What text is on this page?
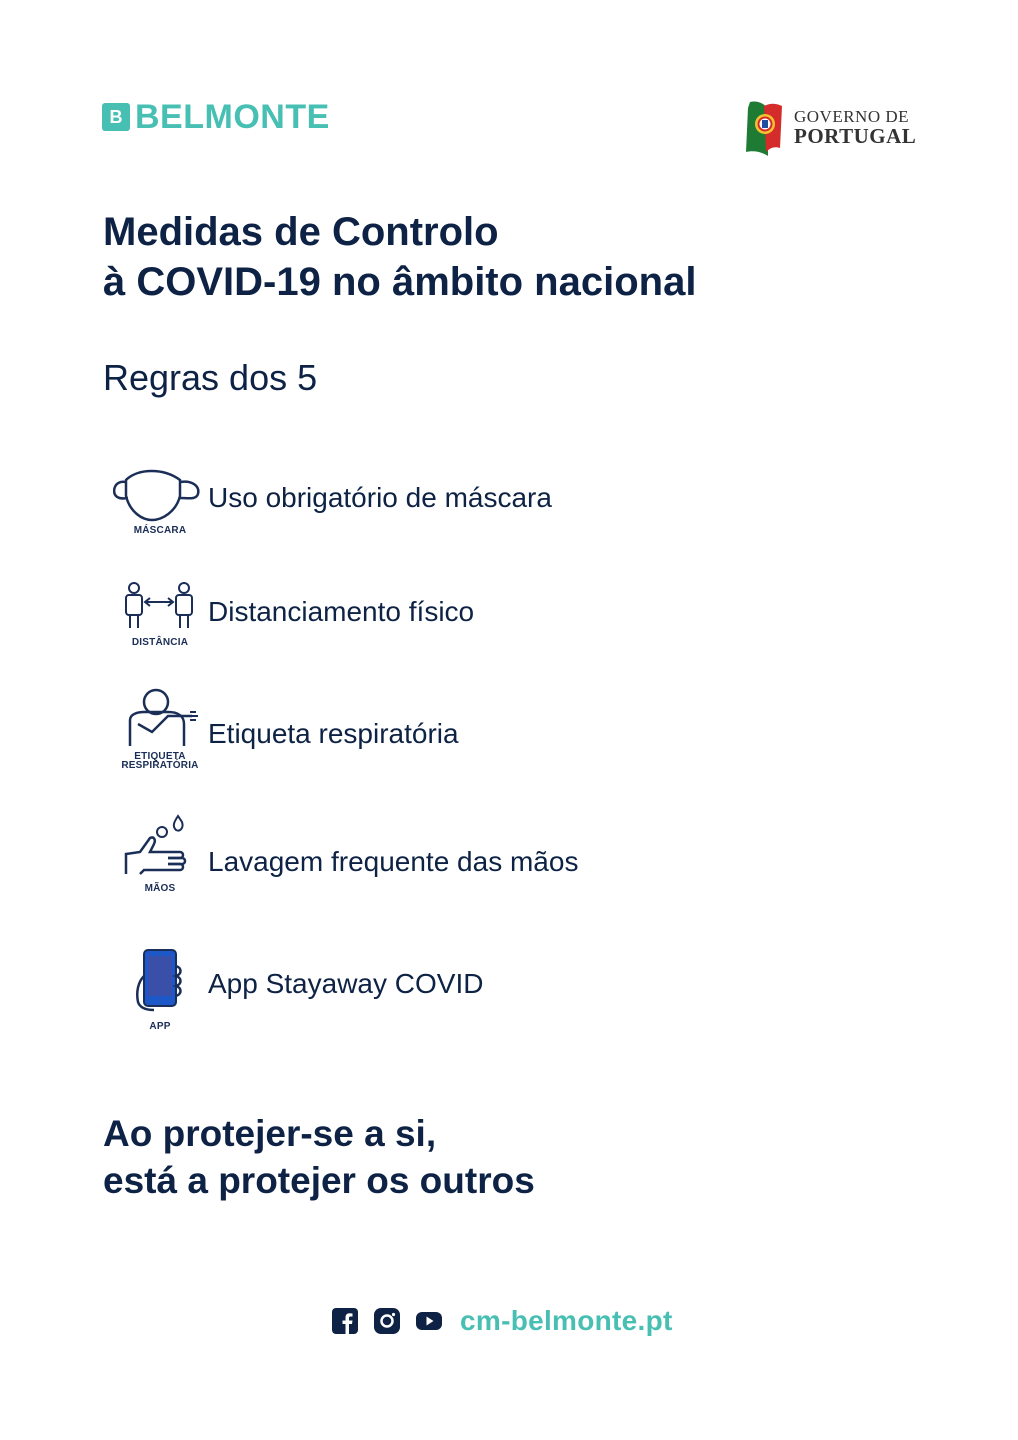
B BELMONTE	GOVERNO DE
PORTUGAL
Medidas de Controlo
à COVID-19 no âmbito nacional
Regras dos 5
MÁSCARA
Uso obrigatório de máscara
DISTÂNCIA
Distanciamento físico
ETIQUETA
RESPIRATÓRIA
Etiqueta respiratória
MÃOS
Lavagem frequente das mãos
APP
App Stayaway COVID
Ao protejer-se a si,
está a protejer os outros
cm-belmonte.pt
